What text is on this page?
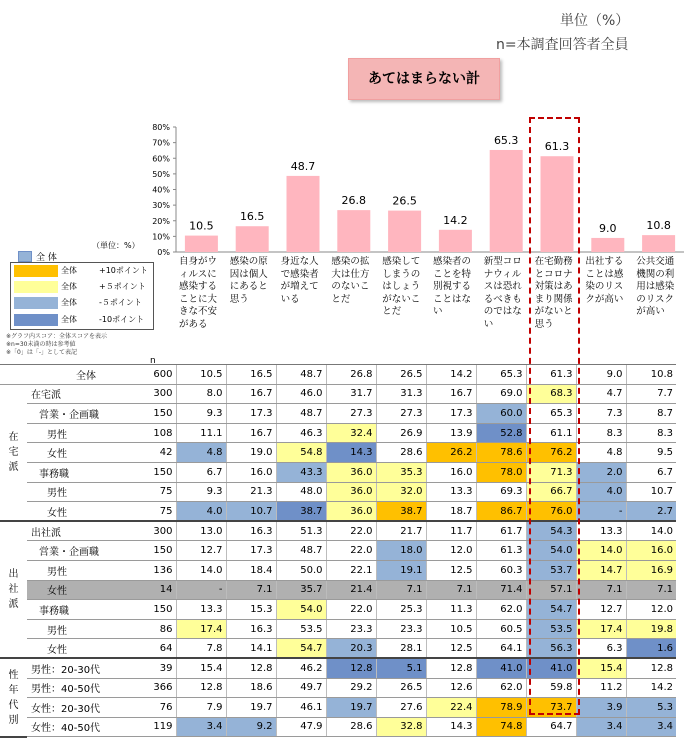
単位（%）
n=本調査回答者全員
あてはまらない計
0%
10%
20%
30%
40%
50%
60%
70%
80%
10.5
16.5
48.7
26.8 26.5
14.2
65.3 61.3
9.0	10.8
全 体
（単位：%）
全体	+10ポイント
全体	+５ポイント
全体	-５ポイント
全体	-10ポイント
※グラフ内スコア：全体スコアを表示
※n=30未満の時は参考値
※「0」は「-」として表記
n
自身がウィルスに感染することに大きな不安がある
感染の原因は個人にあると思う
身近な人で感染者が増えている
感染の拡大は仕方のないことだ
感染してしまうのはしょうがないことだ
感染者のことを特別視することはない
新型コロナウィルスは恐れるべきものではない
在宅勤務とコロナ対策はあまり関係がないと思う
出社することは感染のリスクが高い
公共交通機関の利用は感染のリスクが高い
	全体	600	10.5	16.5	48.7	26.8	26.5	14.2	65.3	61.3	9.0	10.8
在
宅
派	在宅派	300	8.0	16.7	46.0	31.7	31.3	16.7	69.0	68.3	4.7	7.7
	営業・企画職	150	9.3	17.3	48.7	27.3	27.3	17.3	60.0	65.3	7.3	8.7
	男性	108	11.1	16.7	46.3	32.4	26.9	13.9	52.8	61.1	8.3	8.3
	女性	42	4.8	19.0	54.8	14.3	28.6	26.2	78.6	76.2	4.8	9.5
	事務職	150	6.7	16.0	43.3	36.0	35.3	16.0	78.0	71.3	2.0	6.7
	男性	75	9.3	21.3	48.0	36.0	32.0	13.3	69.3	66.7	4.0	10.7
	女性	75	4.0	10.7	38.7	36.0	38.7	18.7	86.7	76.0	-	2.7
出
社
派	出社派	300	13.0	16.3	51.3	22.0	21.7	11.7	61.7	54.3	13.3	14.0
	営業・企画職	150	12.7	17.3	48.7	22.0	18.0	12.0	61.3	54.0	14.0	16.0
	男性	136	14.0	18.4	50.0	22.1	19.1	12.5	60.3	53.7	14.7	16.9
	女性	14	-	7.1	35.7	21.4	7.1	7.1	71.4	57.1	7.1	7.1
	事務職	150	13.3	15.3	54.0	22.0	25.3	11.3	62.0	54.7	12.7	12.0
	男性	86	17.4	16.3	53.5	23.3	23.3	10.5	60.5	53.5	17.4	19.8
	女性	64	7.8	14.1	54.7	20.3	28.1	12.5	64.1	56.3	6.3	1.6
性
年
代
別	男性：20-30代	39	15.4	12.8	46.2	12.8	5.1	12.8	41.0	41.0	15.4	12.8
	男性：40-50代	366	12.8	18.6	49.7	29.2	26.5	12.6	62.0	59.8	11.2	14.2
	女性：20-30代	76	7.9	19.7	46.1	19.7	27.6	22.4	78.9	73.7	3.9	5.3
	女性：40-50代	119	3.4	9.2	47.9	28.6	32.8	14.3	74.8	64.7	3.4	3.4
